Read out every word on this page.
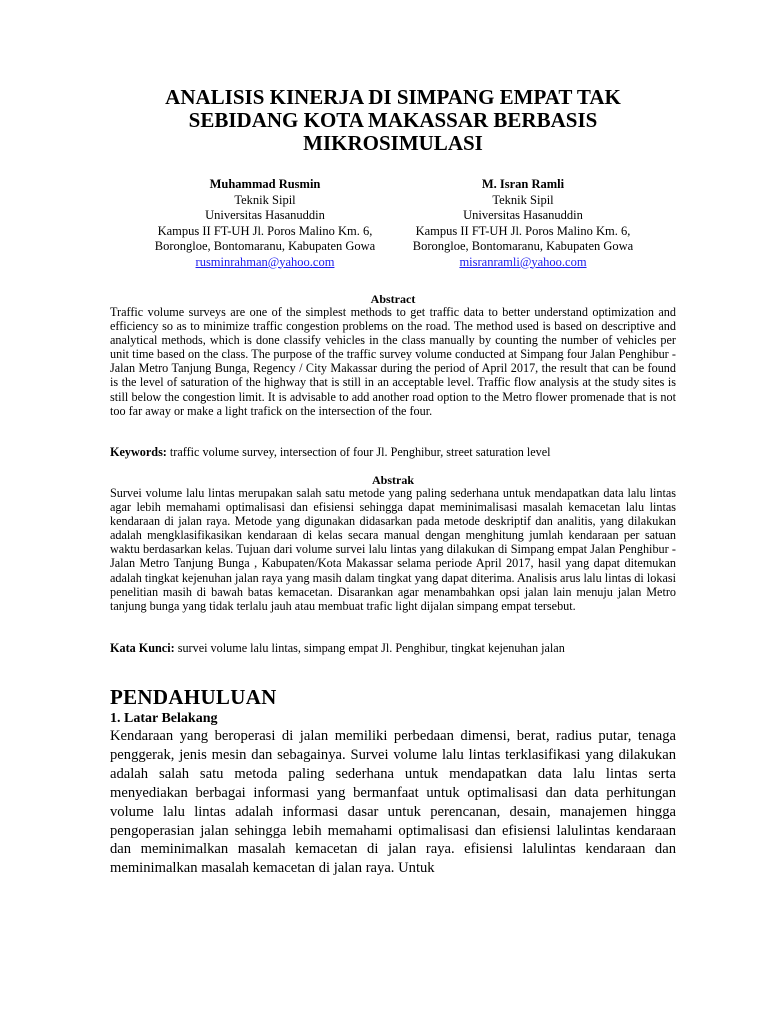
ANALISIS KINERJA DI SIMPANG EMPAT TAK
SEBIDANG KOTA MAKASSAR BERBASIS
MIKROSIMULASI
Muhammad Rusmin
Teknik Sipil
Universitas Hasanuddin
Kampus II FT-UH Jl. Poros Malino Km. 6,
Borongloe, Bontomaranu, Kabupaten Gowa
rusminrahman@yahoo.com
M. Isran Ramli
Teknik Sipil
Universitas Hasanuddin
Kampus II FT-UH Jl. Poros Malino Km. 6,
Borongloe, Bontomaranu, Kabupaten Gowa
misranramli@yahoo.com
Abstract

Traffic volume surveys are one of the simplest methods to get traffic data to better understand optimization and efficiency so as to minimize traffic congestion problems on the road. The method used is based on descriptive and analytical methods, which is done classify vehicles in the class manually by counting the number of vehicles per unit time based on the class. The purpose of the traffic survey volume conducted at Simpang four Jalan Penghibur - Jalan Metro Tanjung Bunga, Regency / City Makassar during the period of April 2017, the result that can be found is the level of saturation of the highway that is still in an acceptable level. Traffic flow analysis at the study sites is still below the congestion limit. It is advisable to add another road option to the Metro flower promenade that is not too far away or make a light trafick on the intersection of the four.

Keywords: traffic volume survey, intersection of four Jl. Penghibur, street saturation level

Abstrak

Survei volume lalu lintas merupakan salah satu metode yang paling sederhana untuk mendapatkan data lalu lintas agar lebih memahami optimalisasi dan efisiensi sehingga dapat meminimalisasi masalah kemacetan lalu lintas kendaraan di jalan raya. Metode yang digunakan didasarkan pada metode deskriptif dan analitis, yang dilakukan adalah mengklasifikasikan kendaraan di kelas secara manual dengan menghitung jumlah kendaraan per satuan waktu berdasarkan kelas. Tujuan dari volume survei lalu lintas yang dilakukan di Simpang empat Jalan Penghibur - Jalan Metro Tanjung Bunga , Kabupaten/Kota Makassar selama periode April 2017, hasil yang dapat ditemukan adalah tingkat kejenuhan jalan raya yang masih dalam tingkat yang dapat diterima. Analisis arus lalu lintas di lokasi penelitian masih di bawah batas kemacetan. Disarankan agar menambahkan opsi jalan lain menuju jalan Metro tanjung bunga yang tidak terlalu jauh atau membuat trafic light dijalan simpang empat tersebut.

Kata Kunci: survei volume lalu lintas, simpang empat Jl. Penghibur, tingkat kejenuhan jalan

PENDAHULUAN
1. Latar Belakang

Kendaraan yang beroperasi di jalan memiliki perbedaan dimensi, berat, radius putar, tenaga penggerak, jenis mesin dan sebagainya. Survei volume lalu lintas terklasifikasi yang dilakukan adalah salah satu metoda paling sederhana untuk mendapatkan data lalu lintas serta menyediakan berbagai informasi yang bermanfaat untuk optimalisasi dan data perhitungan volume lalu lintas adalah informasi dasar untuk perencanan, desain, manajemen hingga pengoperasian jalan sehingga lebih memahami optimalisasi dan efisiensi lalulintas kendaraan dan meminimalkan masalah kemacetan di jalan raya. efisiensi lalulintas kendaraan dan meminimalkan masalah kemacetan di jalan raya. Untuk
